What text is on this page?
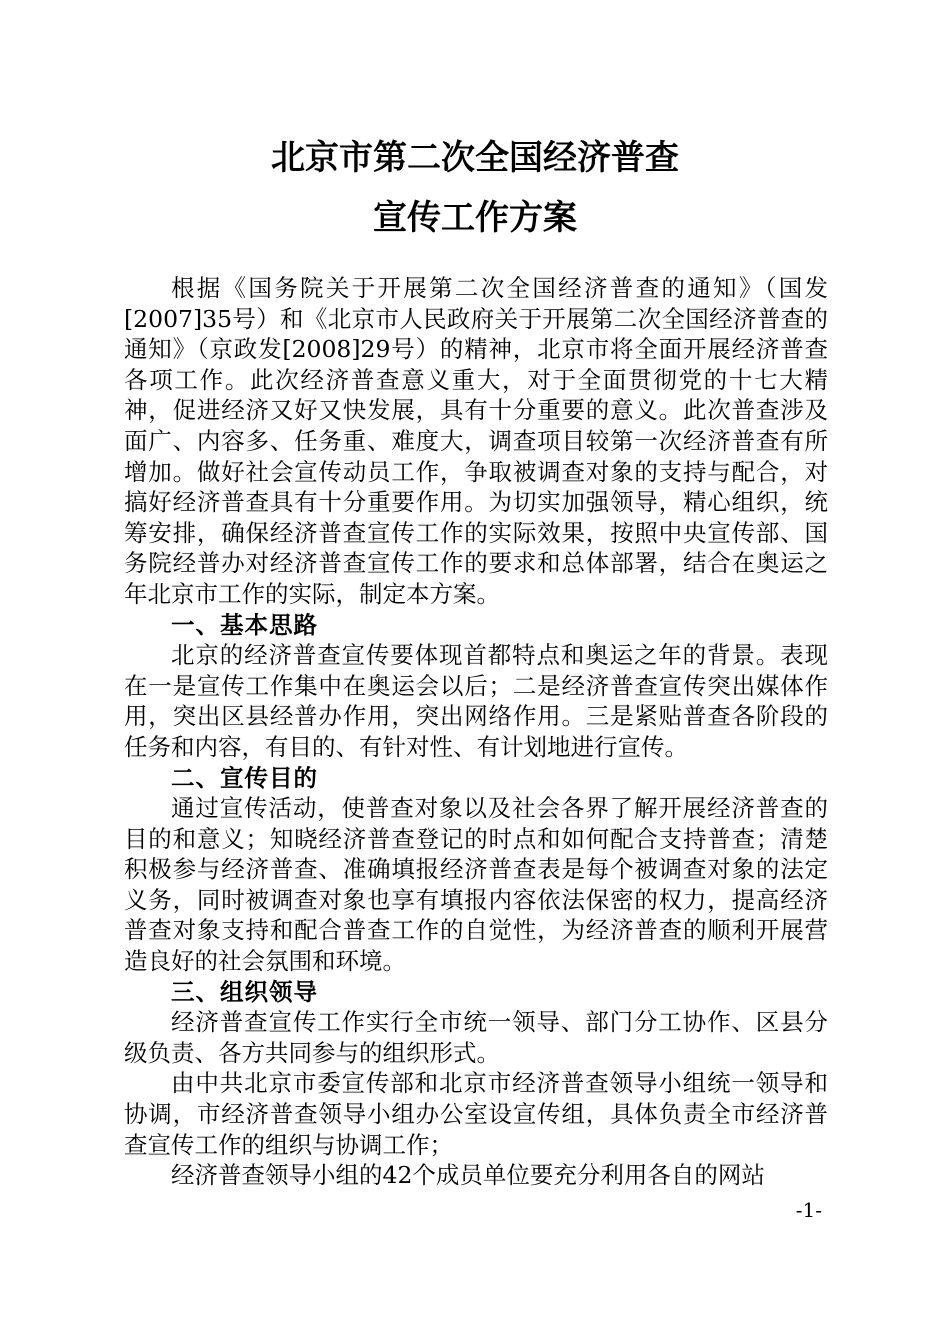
北京市第二次全国经济普查
宣传工作方案

根据《国务院关于开展第二次全国经济普查的通知》（国发[2007]35号）和《北京市人民政府关于开展第二次全国经济普查的通知》（京政发[2008]29号）的精神，北京市将全面开展经济普查各项工作。此次经济普查意义重大，对于全面贯彻党的十七大精神，促进经济又好又快发展，具有十分重要的意义。此次普查涉及面广、内容多、任务重、难度大，调查项目较第一次经济普查有所增加。做好社会宣传动员工作，争取被调查对象的支持与配合，对搞好经济普查具有十分重要作用。为切实加强领导，精心组织，统筹安排，确保经济普查宣传工作的实际效果，按照中央宣传部、国务院经普办对经济普查宣传工作的要求和总体部署，结合在奥运之年北京市工作的实际，制定本方案。

一、基本思路

北京的经济普查宣传要体现首都特点和奥运之年的背景。表现在一是宣传工作集中在奥运会以后；二是经济普查宣传突出媒体作用，突出区县经普办作用，突出网络作用。三是紧贴普查各阶段的任务和内容，有目的、有针对性、有计划地进行宣传。

二、宣传目的

通过宣传活动，使普查对象以及社会各界了解开展经济普查的目的和意义；知晓经济普查登记的时点和如何配合支持普查；清楚积极参与经济普查、准确填报经济普查表是每个被调查对象的法定义务，同时被调查对象也享有填报内容依法保密的权力，提高经济普查对象支持和配合普查工作的自觉性，为经济普查的顺利开展营造良好的社会氛围和环境。

三、组织领导

经济普查宣传工作实行全市统一领导、部门分工协作、区县分级负责、各方共同参与的组织形式。

由中共北京市委宣传部和北京市经济普查领导小组统一领导和协调，市经济普查领导小组办公室设宣传组，具体负责全市经济普查宣传工作的组织与协调工作；

经济普查领导小组的42个成员单位要充分利用各自的网站

-1-
